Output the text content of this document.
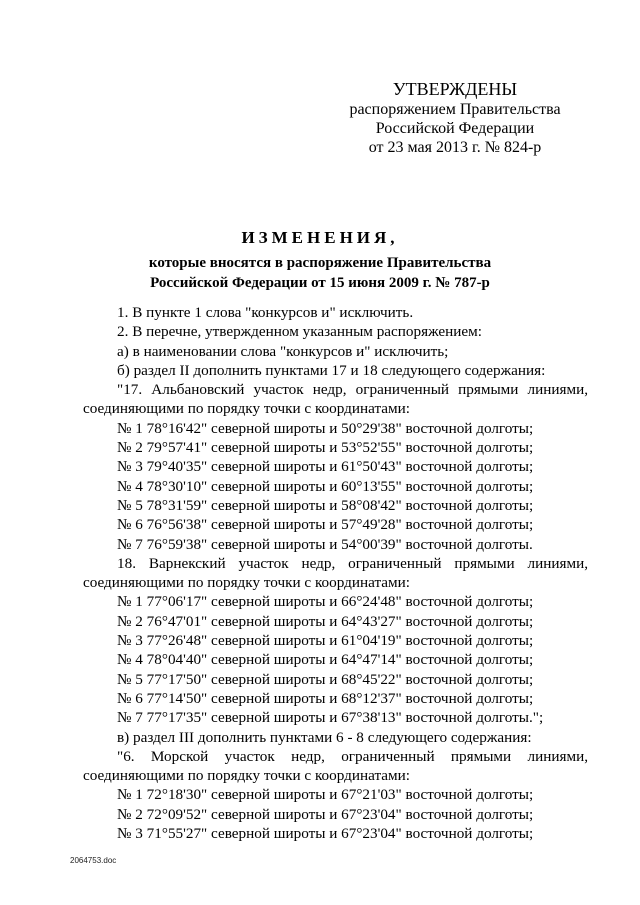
УТВЕРЖДЕНЫ
распоряжением Правительства
Российской Федерации
от 23 мая 2013 г. № 824-р
ИЗМЕНЕНИЯ,
которые вносятся в распоряжение Правительства
Российской Федерации от 15 июня 2009 г. № 787-р
1. В пункте 1 слова "конкурсов и" исключить.
2. В перечне, утвержденном указанным распоряжением:
а) в наименовании слова "конкурсов и" исключить;
б) раздел II дополнить пунктами 17 и 18 следующего содержания:
"17. Альбановский участок недр, ограниченный прямыми линиями, соединяющими по порядку точки с координатами:
№ 1 78°16'42" северной широты и 50°29'38" восточной долготы;
№ 2 79°57'41" северной широты и 53°52'55" восточной долготы;
№ 3 79°40'35" северной широты и 61°50'43" восточной долготы;
№ 4 78°30'10" северной широты и 60°13'55" восточной долготы;
№ 5 78°31'59" северной широты и 58°08'42" восточной долготы;
№ 6 76°56'38" северной широты и 57°49'28" восточной долготы;
№ 7 76°59'38" северной широты и 54°00'39" восточной долготы.
18. Варнекский участок недр, ограниченный прямыми линиями, соединяющими по порядку точки с координатами:
№ 1 77°06'17" северной широты и 66°24'48" восточной долготы;
№ 2 76°47'01" северной широты и 64°43'27" восточной долготы;
№ 3 77°26'48" северной широты и 61°04'19" восточной долготы;
№ 4 78°04'40" северной широты и 64°47'14" восточной долготы;
№ 5 77°17'50" северной широты и 68°45'22" восточной долготы;
№ 6 77°14'50" северной широты и 68°12'37" восточной долготы;
№ 7 77°17'35" северной широты и 67°38'13" восточной долготы.";
в) раздел III дополнить пунктами 6 - 8 следующего содержания:
"6. Морской участок недр, ограниченный прямыми линиями, соединяющими по порядку точки с координатами:
№ 1 72°18'30" северной широты и 67°21'03" восточной долготы;
№ 2 72°09'52" северной широты и 67°23'04" восточной долготы;
№ 3 71°55'27" северной широты и 67°23'04" восточной долготы;
2064753.doc
